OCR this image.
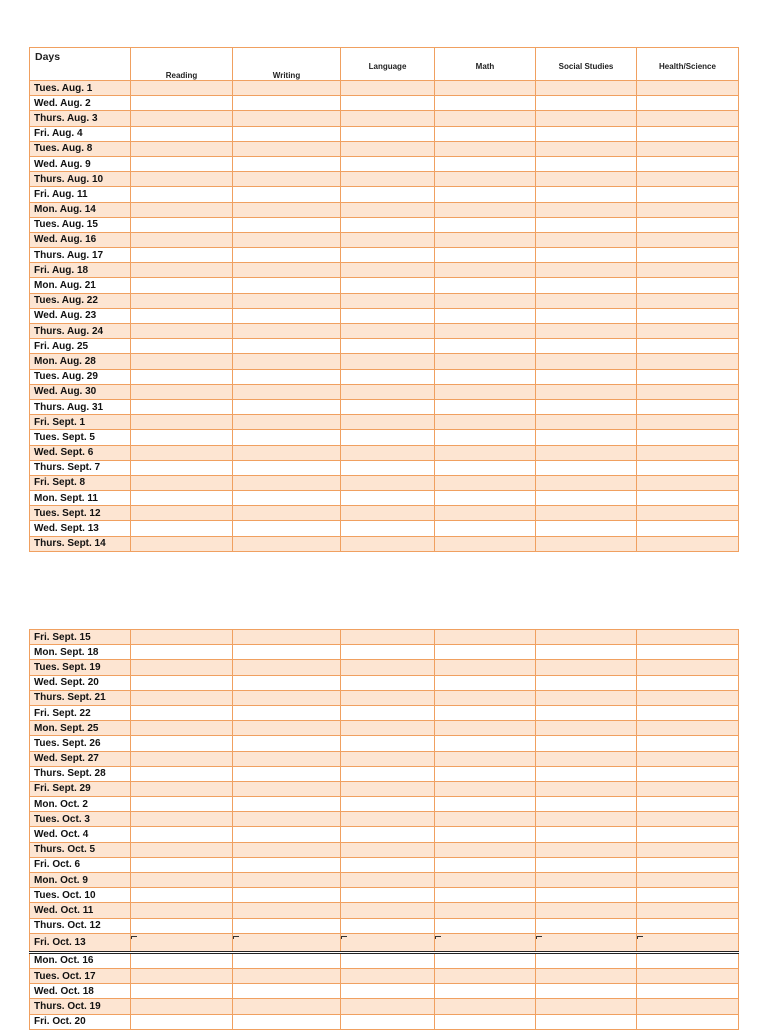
Days	Reading	Writing	Language	Math	Social Studies	Health/Science
Tues. Aug. 1						
Wed. Aug. 2						
Thurs. Aug. 3						
Fri. Aug. 4						
Tues. Aug. 8						
Wed. Aug. 9						
Thurs. Aug. 10						
Fri. Aug. 11						
Mon. Aug. 14						
Tues. Aug. 15						
Wed. Aug. 16						
Thurs. Aug. 17						
Fri. Aug. 18						
Mon. Aug. 21						
Tues. Aug. 22						
Wed. Aug. 23						
Thurs. Aug. 24						
Fri. Aug. 25						
Mon. Aug. 28						
Tues. Aug. 29						
Wed. Aug. 30						
Thurs. Aug. 31						
Fri. Sept. 1						
Tues. Sept. 5						
Wed. Sept. 6						
Thurs. Sept. 7						
Fri. Sept. 8						
Mon. Sept. 11						
Tues. Sept. 12						
Wed. Sept. 13						
Thurs. Sept. 14						
Fri. Sept. 15						
Mon. Sept. 18						
Tues. Sept. 19						
Wed. Sept. 20						
Thurs. Sept. 21						
Fri. Sept. 22						
Mon. Sept. 25						
Tues. Sept. 26						
Wed. Sept. 27						
Thurs. Sept. 28						
Fri. Sept. 29						
Mon. Oct. 2						
Tues. Oct. 3						
Wed. Oct. 4						
Thurs. Oct. 5						
Fri. Oct. 6						
Mon. Oct. 9						
Tues. Oct. 10						
Wed. Oct. 11						
Thurs. Oct. 12						
Fri. Oct. 13						
Mon. Oct. 16						
Tues. Oct. 17						
Wed. Oct. 18						
Thurs. Oct. 19						
Fri. Oct. 20						
